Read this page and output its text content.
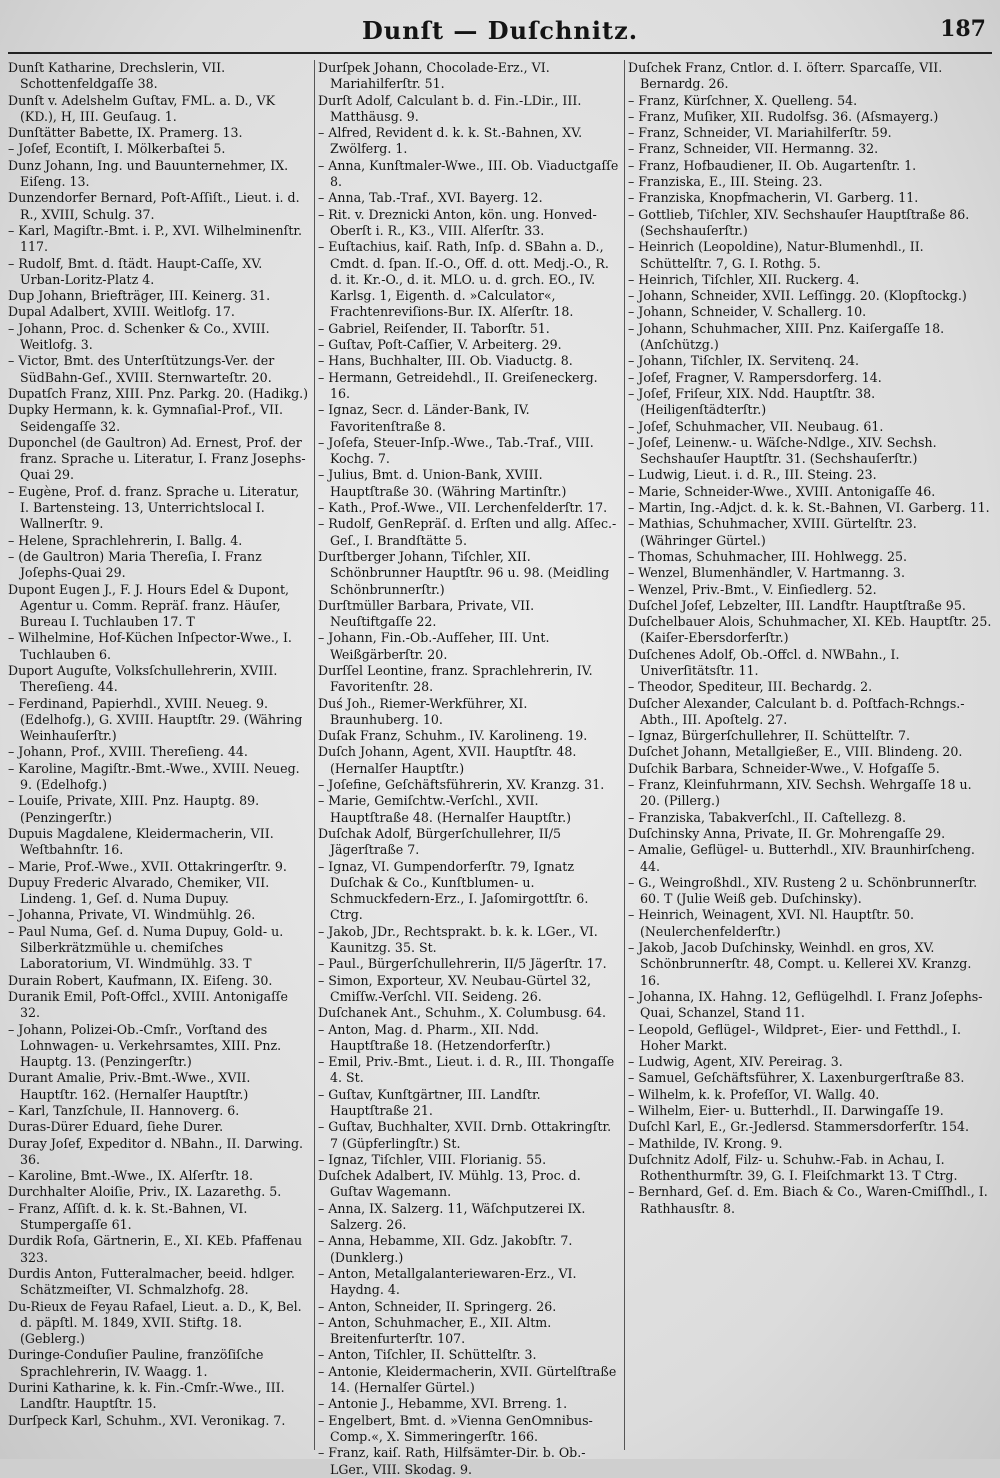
Dunſt — Duſchnitz.	187

Dunſt Katharine, Drechslerin, VII. Schottenfeldgaſſe 38.

Dunſt v. Adelshelm Guſtav, FML. a. D., VK (KD.), H, III. Geuſaug. 1.

Dunſtätter Babette, IX. Pramerg. 13.

– Joſef, Econtiſt, I. Mölkerbaſtei 5.

Dunz Johann, Ing. und Bauunternehmer, IX. Eiſeng. 13.

Dunzendorfer Bernard, Poſt-Aſſiſt., Lieut. i. d. R., XVIII, Schulg. 37.

– Karl, Magiſtr.-Bmt. i. P., XVI. Wilhelminenſtr. 117.

– Rudolf, Bmt. d. ſtädt. Haupt-Caſſe, XV. Urban-Loritz-Platz 4.

Dup Johann, Briefträger, III. Keinerg. 31.

Dupal Adalbert, XVIII. Weitlofg. 17.

– Johann, Proc. d. Schenker & Co., XVIII. Weitlofg. 3.

– Victor, Bmt. des Unterſtützungs-Ver. der SüdBahn-Geſ., XVIII. Sternwarteſtr. 20.

Dupatſch Franz, XIII. Pnz. Parkg. 20. (Hadikg.)

Dupky Hermann, k. k. Gymnaſial-Prof., VII. Seidengaſſe 32.

Duponchel (de Gaultron) Ad. Ernest, Prof. der franz. Sprache u. Literatur, I. Franz Josephs-Quai 29.

– Eugène, Prof. d. franz. Sprache u. Literatur, I. Bartensteing. 13, Unterrichtslocal I. Wallnerſtr. 9.

– Helene, Sprachlehrerin, I. Ballg. 4.

– (de Gaultron) Maria Thereſia, I. Franz Joſephs-Quai 29.

Dupont Eugen J., F. J. Hours Edel & Dupont, Agentur u. Comm. Repräſ. franz. Häuſer, Bureau I. Tuchlauben 17. T

– Wilhelmine, Hof-Küchen Inſpector-Wwe., I. Tuchlauben 6.

Duport Auguſte, Volksſchullehrerin, XVIII. Thereſieng. 44.

– Ferdinand, Papierhdl., XVIII. Neueg. 9. (Edelhofg.), G. XVIII. Hauptſtr. 29. (Währing Weinhauſerſtr.)

– Johann, Prof., XVIII. Thereſieng. 44.

– Karoline, Magiſtr.-Bmt.-Wwe., XVIII. Neueg. 9. (Edelhofg.)

– Louiſe, Private, XIII. Pnz. Hauptg. 89. (Penzingerſtr.)

Dupuis Magdalene, Kleidermacherin, VII. Weſtbahnſtr. 16.

– Marie, Prof.-Wwe., XVII. Ottakringerſtr. 9.

Dupuy Frederic Alvarado, Chemiker, VII. Lindeng. 1, Geſ. d. Numa Dupuy.

– Johanna, Private, VI. Windmühlg. 26.

– Paul Numa, Geſ. d. Numa Dupuy, Gold- u. Silberkrätzmühle u. chemiſches Laboratorium, VI. Windmühlg. 33. T

Durain Robert, Kaufmann, IX. Eiſeng. 30.

Duranik Emil, Poſt-Offcl., XVIII. Antonigaſſe 32.

– Johann, Polizei-Ob.-Cmſr., Vorſtand des Lohnwagen- u. Verkehrsamtes, XIII. Pnz. Hauptg. 13. (Penzingerſtr.)

Durant Amalie, Priv.-Bmt.-Wwe., XVII. Hauptſtr. 162. (Hernalſer Hauptſtr.)

– Karl, Tanzſchule, II. Hannoverg. 6.

Duras-Dürer Eduard, ſiehe Durer.

Duray Joſef, Expeditor d. NBahn., II. Darwing. 36.

– Karoline, Bmt.-Wwe., IX. Alſerſtr. 18.

Durchhalter Aloiſie, Priv., IX. Lazarethg. 5.

– Franz, Aſſiſt. d. k. k. St.-Bahnen, VI. Stumpergaſſe 61.

Durdik Roſa, Gärtnerin, E., XI. KEb. Pfaffenau 323.

Durdis Anton, Futteralmacher, beeid. hdlger. Schätzmeiſter, VI. Schmalzhofg. 28.

Du-Rieux de Feyau Rafael, Lieut. a. D., K, Bel. d. päpſtl. M. 1849, XVII. Stiftg. 18. (Geblerg.)

Duringe-Conduſier Pauline, franzöſiſche Sprachlehrerin, IV. Waagg. 1.

Durini Katharine, k. k. Fin.-Cmſr.-Wwe., III. Landſtr. Hauptſtr. 15.

Durſpeck Karl, Schuhm., XVI. Veronikag. 7.

Durſpek Johann, Chocolade-Erz., VI. Mariahilferſtr. 51.

Durſt Adolf, Calculant b. d. Fin.-LDir., III. Matthäusg. 9.

– Alfred, Revident d. k. k. St.-Bahnen, XV. Zwölferg. 1.

– Anna, Kunſtmaler-Wwe., III. Ob. Viaductgaſſe 8.

– Anna, Tab.-Traf., XVI. Bayerg. 12.

– Rit. v. Dreznicki Anton, kön. ung. Honved-Oberſt i. R., K3., VIII. Alſerſtr. 33.

– Euſtachius, kaiſ. Rath, Inſp. d. SBahn a. D., Cmdt. d. ſpan. Iſ.-O., Off. d. ott. Medj.-O., R. d. it. Kr.-O., d. it. MLO. u. d. grch. EO., IV. Karlsg. 1, Eigenth. d. »Calculator«, Frachtenreviſions-Bur. IX. Alſerſtr. 18.

– Gabriel, Reiſender, II. Taborſtr. 51.

– Guſtav, Poſt-Caſſier, V. Arbeiterg. 29.

– Hans, Buchhalter, III. Ob. Viaductg. 8.

– Hermann, Getreidehdl., II. Greiſeneckerg. 16.

– Ignaz, Secr. d. Länder-Bank, IV. Favoritenſtraße 8.

– Joſefa, Steuer-Inſp.-Wwe., Tab.-Traf., VIII. Kochg. 7.

– Julius, Bmt. d. Union-Bank, XVIII. Hauptſtraße 30. (Währing Martinſtr.)

– Kath., Prof.-Wwe., VII. Lerchenfelderſtr. 17.

– Rudolf, GenRepräſ. d. Erſten und allg. Aſſec.-Geſ., I. Brandſtätte 5.

Durſtberger Johann, Tiſchler, XII. Schönbrunner Hauptſtr. 96 u. 98. (Meidling Schönbrunnerſtr.)

Durſtmüller Barbara, Private, VII. Neuſtiftgaſſe 22.

– Johann, Fin.-Ob.-Aufſeher, III. Unt. Weißgärberſtr. 20.

Durſſel Leontine, franz. Sprachlehrerin, IV. Favoritenſtr. 28.

Duś Joh., Riemer-Werkführer, XI. Braunhuberg. 10.

Duſak Franz, Schuhm., IV. Karolineng. 19.

Duſch Johann, Agent, XVII. Hauptſtr. 48. (Hernalſer Hauptſtr.)

– Joſefine, Geſchäftsführerin, XV. Kranzg. 31.

– Marie, Gemiſchtw.-Verſchl., XVII. Hauptſtraße 48. (Hernalſer Hauptſtr.)

Duſchak Adolf, Bürgerſchullehrer, II/5 Jägerſtraße 7.

– Ignaz, VI. Gumpendorferſtr. 79, Ignatz Duſchak & Co., Kunſtblumen- u. Schmuckfedern-Erz., I. Jaſomirgottſtr. 6. Ctrg.

– Jakob, JDr., Rechtsprakt. b. k. k. LGer., VI. Kaunitzg. 35. St.

– Paul., Bürgerſchullehrerin, II/5 Jägerſtr. 17.

– Simon, Exporteur, XV. Neubau-Gürtel 32, Cmiſſw.-Verſchl. VII. Seideng. 26.

Duſchanek Ant., Schuhm., X. Columbusg. 64.

– Anton, Mag. d. Pharm., XII. Ndd. Hauptſtraße 18. (Hetzendorferſtr.)

– Emil, Priv.-Bmt., Lieut. i. d. R., III. Thongaſſe 4. St.

– Guſtav, Kunſtgärtner, III. Landſtr. Hauptſtraße 21.

– Guſtav, Buchhalter, XVII. Drnb. Ottakringſtr. 7 (Güpferlingſtr.) St.

– Ignaz, Tiſchler, VIII. Florianig. 55.

Duſchek Adalbert, IV. Mühlg. 13, Proc. d. Guſtav Wagemann.

– Anna, IX. Salzerg. 11, Wäſchputzerei IX. Salzerg. 26.

– Anna, Hebamme, XII. Gdz. Jakobſtr. 7. (Dunklerg.)

– Anton, Metallgalanteriewaren-Erz., VI. Haydng. 4.

– Anton, Schneider, II. Springerg. 26.

– Anton, Schuhmacher, E., XII. Altm. Breitenfurterſtr. 107.

– Anton, Tiſchler, II. Schüttelſtr. 3.

– Antonie, Kleidermacherin, XVII. Gürtelſtraße 14. (Hernalſer Gürtel.)

– Antonie J., Hebamme, XVI. Brreng. 1.

– Engelbert, Bmt. d. »Vienna GenOmnibus-Comp.«, X. Simmeringerſtr. 166.

– Franz, kaiſ. Rath, Hilfsämter-Dir. b. Ob.-LGer., VIII. Skodag. 9.

Duſchek Franz, Cntlor. d. I. öſterr. Sparcaſſe, VII. Bernardg. 26.

– Franz, Kürſchner, X. Quelleng. 54.

– Franz, Muſiker, XII. Rudolfsg. 36. (Aſsmayerg.)

– Franz, Schneider, VI. Mariahilferſtr. 59.

– Franz, Schneider, VII. Hermanng. 32.

– Franz, Hofbaudiener, II. Ob. Augartenſtr. 1.

– Franziska, E., III. Steing. 23.

– Franziska, Knopfmacherin, VI. Garberg. 11.

– Gottlieb, Tiſchler, XIV. Sechshauſer Hauptſtraße 86. (Sechshauſerſtr.)

– Heinrich (Leopoldine), Natur-Blumenhdl., II. Schüttelſtr. 7, G. I. Rothg. 5.

– Heinrich, Tiſchler, XII. Ruckerg. 4.

– Johann, Schneider, XVII. Leſſingg. 20. (Klopſtockg.)

– Johann, Schneider, V. Schallerg. 10.

– Johann, Schuhmacher, XIII. Pnz. Kaiſergaſſe 18. (Anſchützg.)

– Johann, Tiſchler, IX. Servitenq. 24.

– Joſef, Fragner, V. Rampersdorferg. 14.

– Joſef, Friſeur, XIX. Ndd. Hauptſtr. 38. (Heiligenſtädterſtr.)

– Joſef, Schuhmacher, VII. Neubaug. 61.

– Joſef, Leinenw.- u. Wäſche-Ndlge., XIV. Sechsh. Sechshauſer Hauptſtr. 31. (Sechshauſerſtr.)

– Ludwig, Lieut. i. d. R., III. Steing. 23.

– Marie, Schneider-Wwe., XVIII. Antonigaſſe 46.

– Martin, Ing.-Adjct. d. k. k. St.-Bahnen, VI. Garberg. 11.

– Mathias, Schuhmacher, XVIII. Gürtelſtr. 23. (Währinger Gürtel.)

– Thomas, Schuhmacher, III. Hohlwegg. 25.

– Wenzel, Blumenhändler, V. Hartmanng. 3.

– Wenzel, Priv.-Bmt., V. Einſiedlerg. 52.

Duſchel Joſef, Lebzelter, III. Landſtr. Hauptſtraße 95.

Duſchelbauer Alois, Schuhmacher, XI. KEb. Hauptſtr. 25. (Kaiſer-Ebersdorferſtr.)

Duſchenes Adolf, Ob.-Offcl. d. NWBahn., I. Univerſitätsſtr. 11.

– Theodor, Spediteur, III. Bechardg. 2.

Duſcher Alexander, Calculant b. d. Poſtfach-Rchngs.-Abth., III. Apoſtelg. 27.

– Ignaz, Bürgerſchullehrer, II. Schüttelſtr. 7.

Duſchet Johann, Metallgießer, E., VIII. Blindeng. 20.

Duſchik Barbara, Schneider-Wwe., V. Hofgaſſe 5.

– Franz, Kleinfuhrmann, XIV. Sechsh. Wehrgaſſe 18 u. 20. (Pillerg.)

– Franziska, Tabakverſchl., II. Caſtellezg. 8.

Duſchinsky Anna, Private, II. Gr. Mohrengaſſe 29.

– Amalie, Geflügel- u. Butterhdl., XIV. Braunhirſcheng. 44.

– G., Weingroßhdl., XIV. Rusteng 2 u. Schönbrunnerſtr. 60. T (Julie Weiß geb. Duſchinsky).

– Heinrich, Weinagent, XVI. Nl. Hauptſtr. 50. (Neulerchenfelderſtr.)

– Jakob, Jacob Duſchinsky, Weinhdl. en gros, XV. Schönbrunnerſtr. 48, Compt. u. Kellerei XV. Kranzg. 16.

– Johanna, IX. Hahng. 12, Geflügelhdl. I. Franz Joſephs-Quai, Schanzel, Stand 11.

– Leopold, Geflügel-, Wildpret-, Eier- und Fetthdl., I. Hoher Markt.

– Ludwig, Agent, XIV. Pereirag. 3.

– Samuel, Geſchäftsführer, X. Laxenburgerſtraße 83.

– Wilhelm, k. k. Profeſſor, VI. Wallg. 40.

– Wilhelm, Eier- u. Butterhdl., II. Darwingaſſe 19.

Duſchl Karl, E., Gr.-Jedlersd. Stammersdorferſtr. 154.

– Mathilde, IV. Krong. 9.

Duſchnitz Adolf, Filz- u. Schuhw.-Fab. in Achau, I. Rothenthurmſtr. 39, G. I. Fleiſchmarkt 13. T Ctrg.

– Bernhard, Geſ. d. Em. Biach & Co., Waren-Cmiſſhdl., I. Rathhausſtr. 8.
